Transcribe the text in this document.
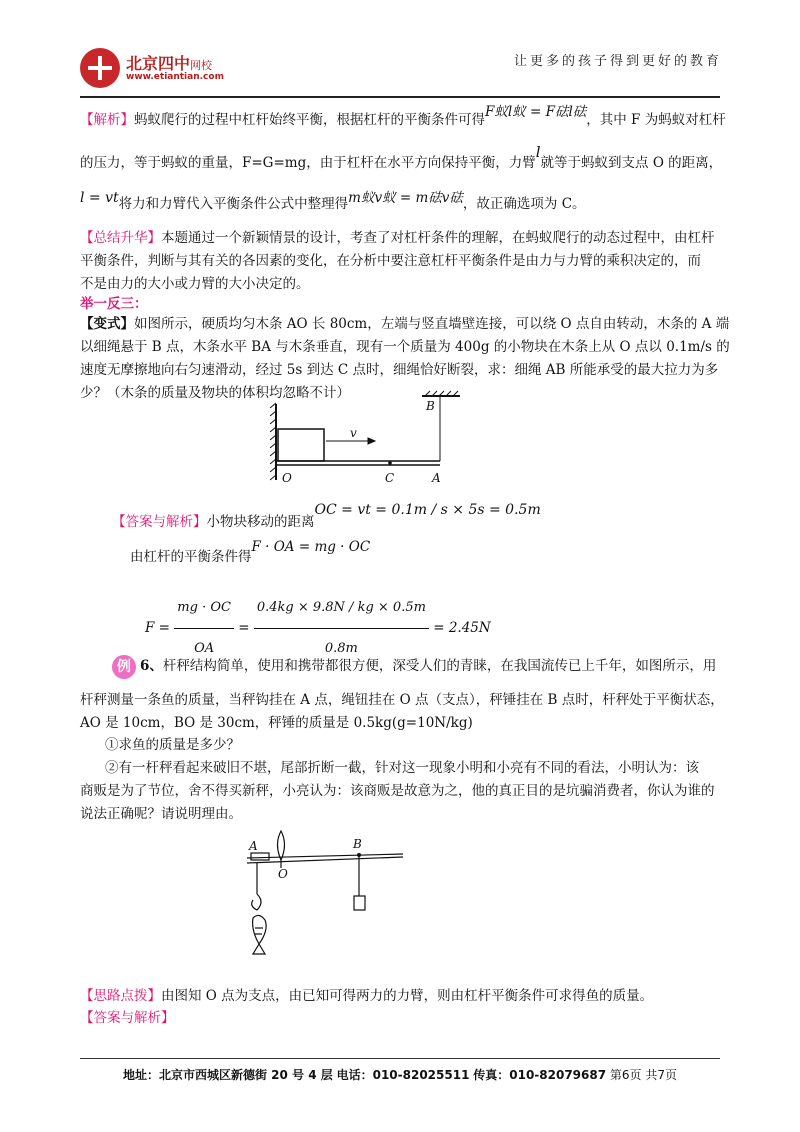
北京四中网校
www.etiantian.com
让更多的孩子得到更好的教育
【解析】蚂蚁爬行的过程中杠杆始终平衡，根据杠杆的平衡条件可得F蚁l蚁 = F砝l砝，其中 F 为蚂蚁对杠杆
的压力，等于蚂蚁的重量，F=G=mg，由于杠杆在水平方向保持平衡，力臂l就等于蚂蚁到支点 O 的距离，
l = vt将力和力臂代入平衡条件公式中整理得m蚁v蚁 = m砝v砝，故正确选项为 C。
【总结升华】本题通过一个新颖情景的设计，考查了对杠杆条件的理解，在蚂蚁爬行的动态过程中，由杠杆
平衡条件，判断与其有关的各因素的变化，在分析中要注意杠杆平衡条件是由力与力臂的乘积决定的，而
不是由力的大小或力臂的大小决定的。
举一反三：
【变式】如图所示，硬质均匀木条 AO 长 80cm，左端与竖直墙壁连接，可以绕 O 点自由转动，木条的 A 端
以细绳悬于 B 点，木条水平 BA 与木条垂直，现有一个质量为 400g 的小物块在木条上从 O 点以 0.1m/s 的
速度无摩擦地向右匀速滑动，经过 5s 到达 C 点时，细绳恰好断裂，求：细绳 AB 所能承受的最大拉力为多
少？（木条的质量及物块的体积均忽略不计）
B
O	C	A
v
【答案与解析】小物块移动的距离OC = vt = 0.1m / s × 5s = 0.5m
由杠杆的平衡条件得F · OA = mg · OC
$F = \frac{mg \cdot OC}{OA} = \frac{0.4kg \times 9.8N / kg \times 0.5m}{0.8m} = 2.45N$
例 6、杆秤结构简单，使用和携带都很方便，深受人们的青睐，在我国流传已上千年，如图所示，用
杆秤测量一条鱼的质量，当秤钩挂在 A 点，绳钮挂在 O 点（支点），秤锤挂在 B 点时，杆秤处于平衡状态，
AO 是 10cm，BO 是 30cm，秤锤的质量是 0.5kg(g=10N/kg)
①求鱼的质量是多少？
②有一杆秤看起来破旧不堪，尾部折断一截，针对这一现象小明和小亮有不同的看法，小明认为：该
商贩是为了节位，舍不得买新秤，小亮认为：该商贩是故意为之，他的真正目的是坑骗消费者，你认为谁的
说法正确呢？请说明理由。
A
O
B
【思路点拨】由图知 O 点为支点，由已知可得两力的力臂，则由杠杆平衡条件可求得鱼的质量。
【答案与解析】
地址：北京市西城区新德街 20 号 4 层 电话：010-82025511 传真：010-82079687 第6页 共7页
